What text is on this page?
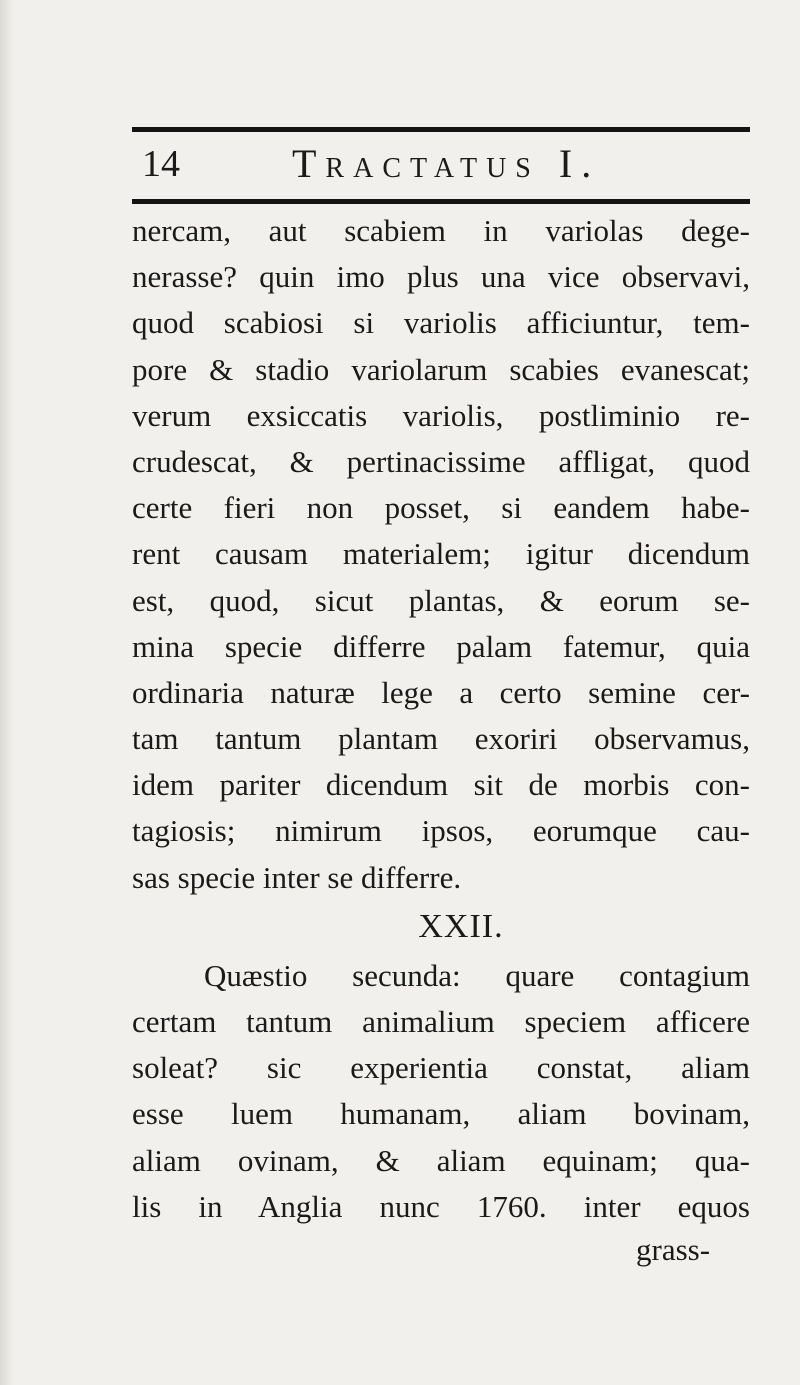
14	Tractatus I.
nercam, aut scabiem in variolas dege-
nerasse? quin imo plus una vice observavi,
quod scabiosi si variolis afficiuntur, tem-
pore & stadio variolarum scabies evanescat;
verum exsiccatis variolis, postliminio re-
crudescat, & pertinacissime affligat, quod
certe fieri non posset, si eandem habe-
rent causam materialem; igitur dicendum
est, quod, sicut plantas, & eorum se-
mina specie differre palam fatemur, quia
ordinaria naturæ lege a certo semine cer-
tam tantum plantam exoriri observamus,
idem pariter dicendum sit de morbis con-
tagiosis; nimirum ipsos, eorumque cau-
sas specie inter se differre.
XXII.
Quæstio secunda: quare contagium
certam tantum animalium speciem afficere
soleat? sic experientia constat, aliam
esse luem humanam, aliam bovinam,
aliam ovinam, & aliam equinam; qua-
lis in Anglia nunc 1760. inter equos
grass-
